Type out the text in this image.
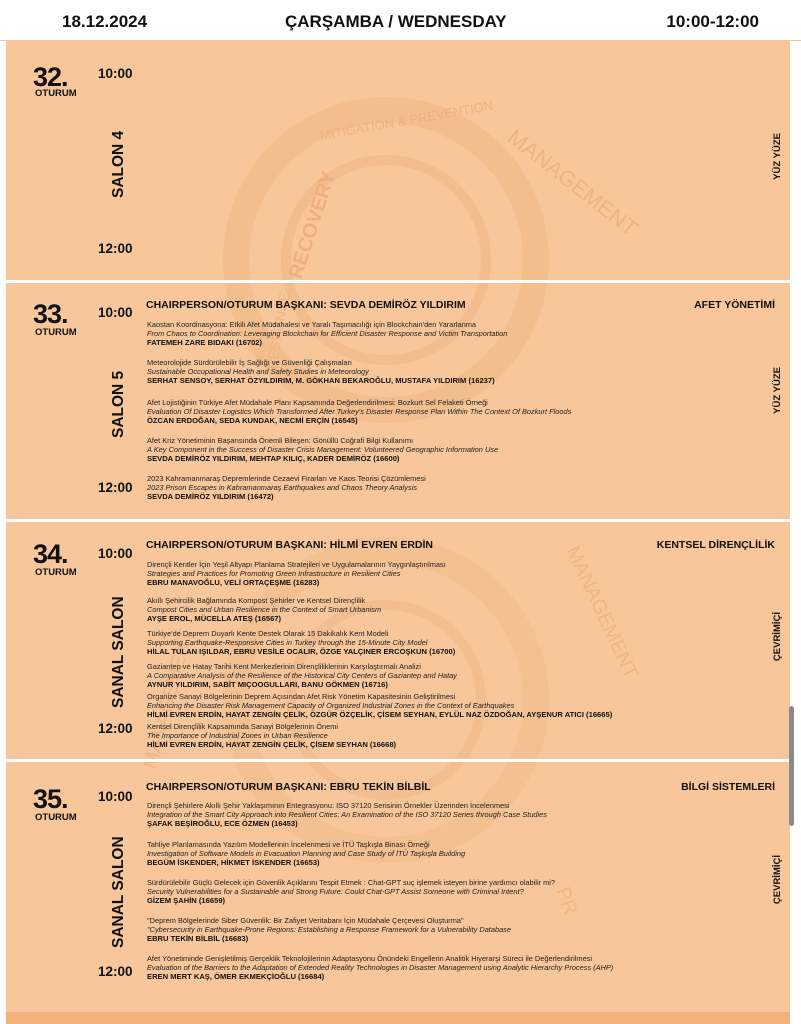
18.12.2024	ÇARŞAMBA / WEDNESDAY	10:00-12:00
MANAGEMENT
RECOVERY
MITIGATION & PREVENTION
RESPONSE
MANAGEMENT
MANAGEMENT
PR
32.
OTURUM
10:00
12:00
SALON 4	YÜZ YÜZE
33.
OTURUM
10:00
12:00
SALON 5	YÜZ YÜZE
CHAIRPERSON/OTURUM BAŞKANI: SEVDA DEMİRÖZ YILDIRIM	AFET YÖNETİMİ
Kaostan Koordinasyona: Etkili Afet Müdahalesi ve Yaralı Taşımacılığı için Blockchain'den Yararlanma
From Chaos to Coordination: Leveraging Blockchain for Efficient Disaster Response and Victim Transportation
FATEMEH ZARE BIDAKI (16702)
Meteorolojide Sürdürülebilir İş Sağlığı ve Güvenliği Çalışmaları
Sustainable Occupational Health and Safety Studies in Meteorology
SERHAT SENSOY, SERHAT ÖZYILDIRIM, M. GÖKHAN BEKAROĞLU, MUSTAFA YILDIRIM (16237)
Afet Lojistiğinin Türkiye Afet Müdahale Planı Kapsamında Değerlendirilmesi: Bozkurt Sel Felaketi Örneği
Evaluation Of Disaster Logistics Which Transformed After Turkey's Disaster Response Plan Within The Context Of Bozkurt Floods
ÖZCAN ERDOĞAN, SEDA KUNDAK, NECMİ ERÇİN (16545)
Afet Kriz Yönetiminin Başarısında Önemli Bileşen: Gönüllü Coğrafi Bilgi Kullanımı
A Key Component in the Success of Disaster Crisis Management: Volunteered Geographic Information Use
SEVDA DEMİRÖZ YILDIRIM, MEHTAP KILIÇ, KADER DEMİRÖZ (16600)
2023 Kahramanmaraş Depremlerinde Cezaevi Firarları ve Kaos Teorisi Çözümlemesi
2023 Prison Escapes in Kahramanmaraş Earthquakes and Chaos Theory Analysis
SEVDA DEMİRÖZ YILDIRIM (16472)
34.
OTURUM
10:00
12:00
SANAL SALON	ÇEVRİMİÇİ
CHAIRPERSON/OTURUM BAŞKANI: HİLMİ EVREN ERDİN	KENTSEL DİRENÇLİLİK
Dirençli Kentler İçin Yeşil Altyapı Planlama Stratejileri ve Uygulamalarının Yaygınlaştırılması
Strategies and Practices for Promoting Green Infrastructure in Resilient Cities
EBRU MANAVOĞLU, VELİ ORTAÇEŞME (16283)
Akıllı Şehircilik Bağlamında Kompost Şehirler ve Kentsel Dirençlilik
Compost Cities and Urban Resilience in the Context of Smart Urbanism
AYŞE EROL, MÜCELLA ATEŞ (16567)
Türkiye'de Deprem Duyarlı Kente Destek Olarak 15 Dakikalık Kent Modeli
Supporting Earthquake-Responsive Cities in Turkey through the 15-Minute City Model
HİLAL TULAN IŞILDAR, EBRU VESİLE OCALIR, ÖZGE YALÇINER ERCOŞKUN (16700)
Gaziantep ve Hatay Tarihi Kent Merkezlerinin Dirençliliklerinin Karşılaştırmalı Analizi
A Comparative Analysis of the Resilience of the Historical City Centers of Gaziantep and Hatay
AYNUR YILDIRIM, SABİT MIÇOOGULLARI, BANU GÖKMEN (16716)
Organize Sanayi Bölgelerinin Deprem Açısından Afet Risk Yönetim Kapasitesinin Geliştirilmesi
Enhancing the Disaster Risk Management Capacity of Organized Industrial Zones in the Context of Earthquakes
HİLMİ EVREN ERDİN, HAYAT ZENGİN ÇELİK, ÖZGÜR ÖZÇELİK, ÇİSEM SEYHAN, EYLÜL NAZ ÖZDOĞAN, AYŞENUR ATICI (16665)
Kentsel Dirençlilik Kapsamında Sanayi Bölgelerinin Önemi
The Importance of Industrial Zones in Urban Resilience
HİLMİ EVREN ERDİN, HAYAT ZENGİN ÇELİK, ÇİSEM SEYHAN (16668)
35.
OTURUM
10:00
12:00
SANAL SALON	ÇEVRİMİÇİ
CHAIRPERSON/OTURUM BAŞKANI: EBRU TEKİN BİLBİL	BİLGİ SİSTEMLERİ
Dirençli Şehirlere Akıllı Şehir Yaklaşımının Entegrasyonu: ISO 37120 Serisinin Örnekler Üzerinden İncelenmesi
Integration of the Smart City Approach into Resilient Cities: An Examination of the ISO 37120 Series through Case Studies
ŞAFAK BEŞİROĞLU, ECE ÖZMEN (16453)
Tahliye Planlamasında Yazılım Modellerinin İncelenmesi ve İTÜ Taşkışla Binası Örneği
Investigation of Software Models in Evacuation Planning and Case Study of İTÜ Taşkışla Building
BEGÜM İSKENDER, HİKMET İSKENDER (16653)
Sürdürülebilir Güçlü Gelecek için Güvenlik Açıklarını Tespit Etmek : Chat-GPT suç işlemek isteyen birine yardımcı olabilir mi?
Security Vulnerabilities for a Sustainable and Strong Future: Could Chat-GPT Assist Someone with Criminal Intent?
GİZEM ŞAHİN (16659)
"Deprem Bölgelerinde Siber Güvenlik: Bir Zafiyet Veritabanı İçin Müdahale Çerçevesi Oluşturma"
"Cybersecurity in Earthquake-Prone Regions: Establishing a Response Framework for a Vulnerability Database
EBRU TEKİN BİLBİL (16683)
Afet Yönetiminde Genişletilmiş Gerçeklik Teknolojilerinin Adaptasyonu Önündeki Engellerin Analitik Hiyerarşi Süreci ile Değerlendirilmesi
Evaluation of the Barriers to the Adaptation of Extended Reality Technologies in Disaster Management using Analytic Hierarchy Process (AHP)
EREN MERT KAŞ, ÖMER EKMEKÇİOĞLU (16684)
